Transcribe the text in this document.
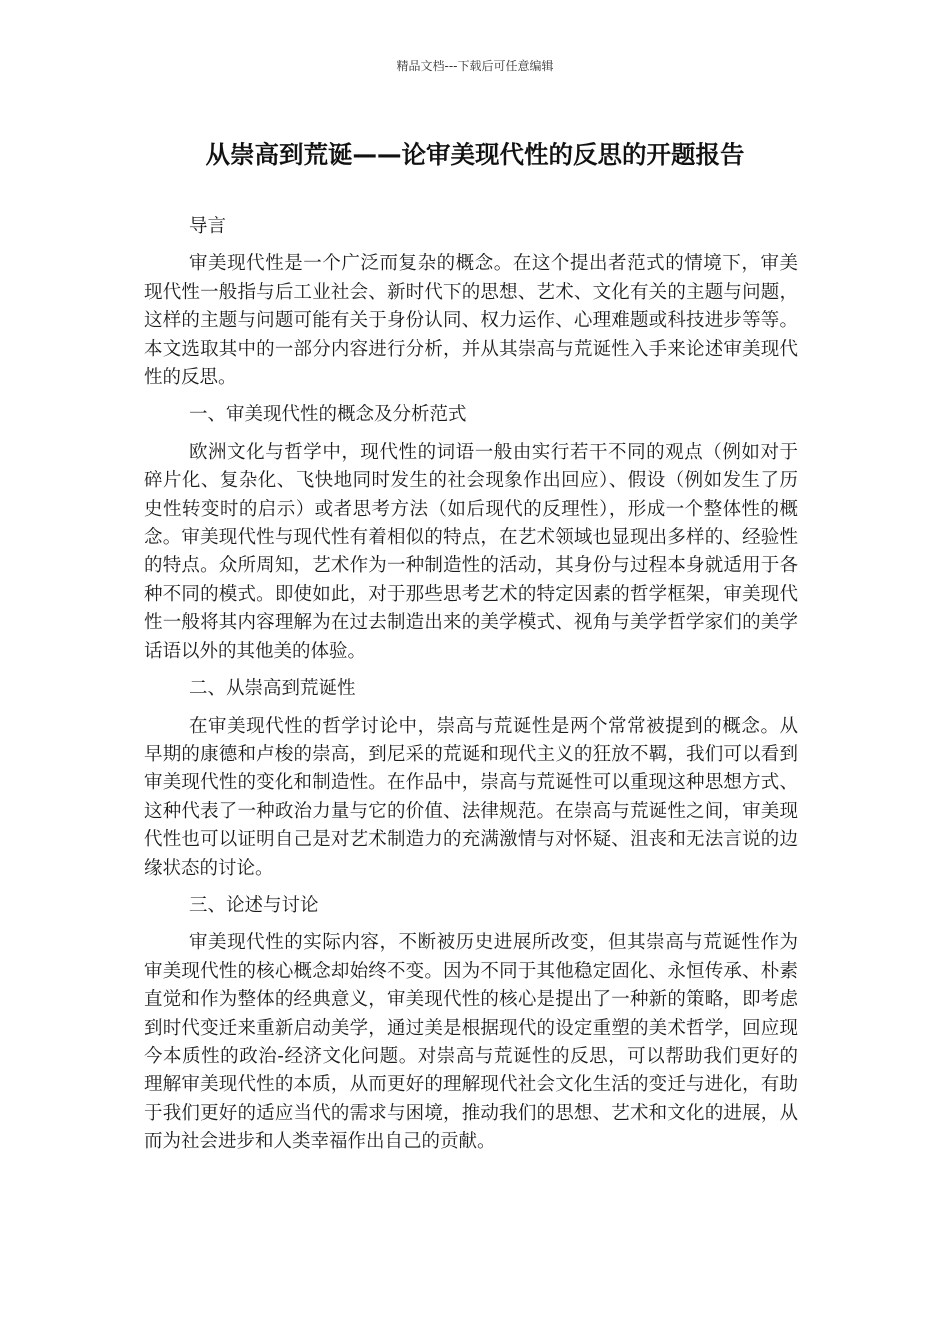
精品文档---下载后可任意编辑
从崇高到荒诞——论审美现代性的反思的开题报告

导言

审美现代性是一个广泛而复杂的概念。在这个提出者范式的情境下，审美现代性一般指与后工业社会、新时代下的思想、艺术、文化有关的主题与问题，这样的主题与问题可能有关于身份认同、权力运作、心理难题或科技进步等等。本文选取其中的一部分内容进行分析，并从其崇高与荒诞性入手来论述审美现代性的反思。

一、审美现代性的概念及分析范式

欧洲文化与哲学中，现代性的词语一般由实行若干不同的观点（例如对于碎片化、复杂化、飞快地同时发生的社会现象作出回应）、假设（例如发生了历史性转变时的启示）或者思考方法（如后现代的反理性），形成一个整体性的概念。审美现代性与现代性有着相似的特点，在艺术领域也显现出多样的、经验性的特点。众所周知，艺术作为一种制造性的活动，其身份与过程本身就适用于各种不同的模式。即使如此，对于那些思考艺术的特定因素的哲学框架，审美现代性一般将其内容理解为在过去制造出来的美学模式、视角与美学哲学家们的美学话语以外的其他美的体验。

二、从崇高到荒诞性

在审美现代性的哲学讨论中，崇高与荒诞性是两个常常被提到的概念。从早期的康德和卢梭的崇高，到尼采的荒诞和现代主义的狂放不羁，我们可以看到审美现代性的变化和制造性。在作品中，崇高与荒诞性可以重现这种思想方式、这种代表了一种政治力量与它的价值、法律规范。在崇高与荒诞性之间，审美现代性也可以证明自己是对艺术制造力的充满激情与对怀疑、沮丧和无法言说的边缘状态的讨论。

三、论述与讨论

审美现代性的实际内容，不断被历史进展所改变，但其崇高与荒诞性作为审美现代性的核心概念却始终不变。因为不同于其他稳定固化、永恒传承、朴素直觉和作为整体的经典意义，审美现代性的核心是提出了一种新的策略，即考虑到时代变迁来重新启动美学，通过美是根据现代的设定重塑的美术哲学，回应现今本质性的政治-经济文化问题。对崇高与荒诞性的反思，可以帮助我们更好的理解审美现代性的本质，从而更好的理解现代社会文化生活的变迁与进化，有助于我们更好的适应当代的需求与困境，推动我们的思想、艺术和文化的进展，从而为社会进步和人类幸福作出自己的贡献。
